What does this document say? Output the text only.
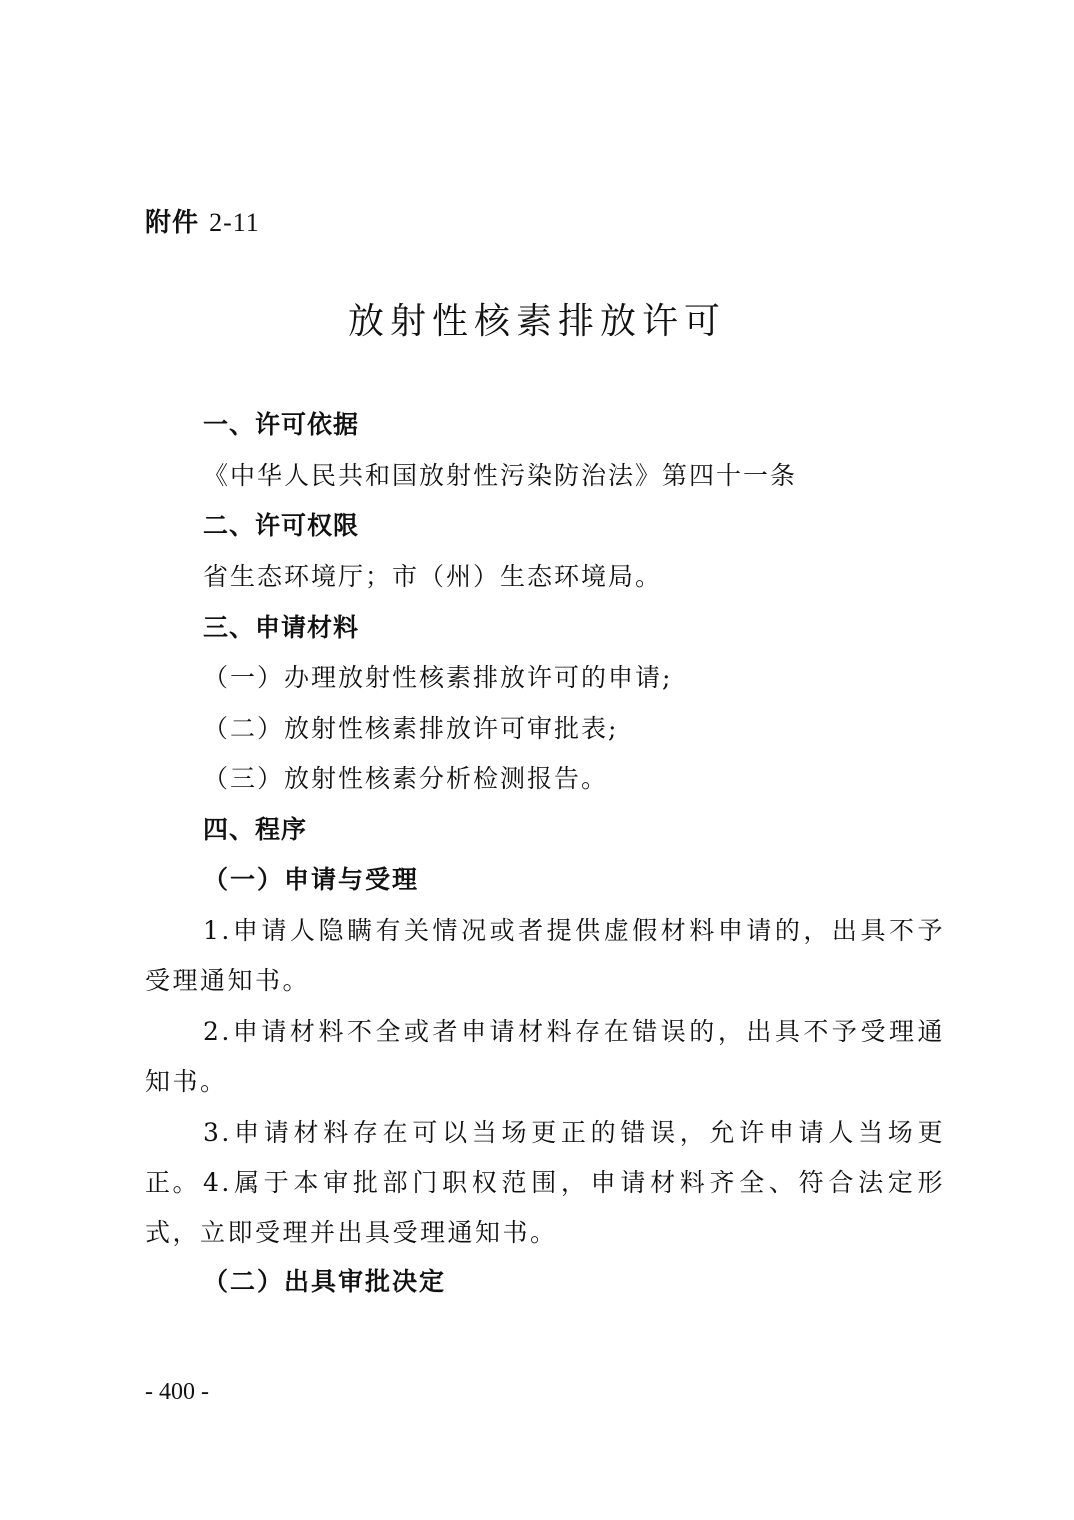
附件 2-11
放射性核素排放许可
一、许可依据
《中华人民共和国放射性污染防治法》第四十一条
二、许可权限
省生态环境厅；市（州）生态环境局。
三、申请材料
（一）办理放射性核素排放许可的申请;
（二）放射性核素排放许可审批表;
（三）放射性核素分析检测报告。
四、程序
（一）申请与受理
1.申请人隐瞒有关情况或者提供虚假材料申请的，出具不予受理通知书。
2.申请材料不全或者申请材料存在错误的，出具不予受理通知书。
3.申请材料存在可以当场更正的错误，允许申请人当场更正。 4.属于本审批部门职权范围，申请材料齐全、符合法定形式，立即受理并出具受理通知书。
（二）出具审批决定
- 400 -
